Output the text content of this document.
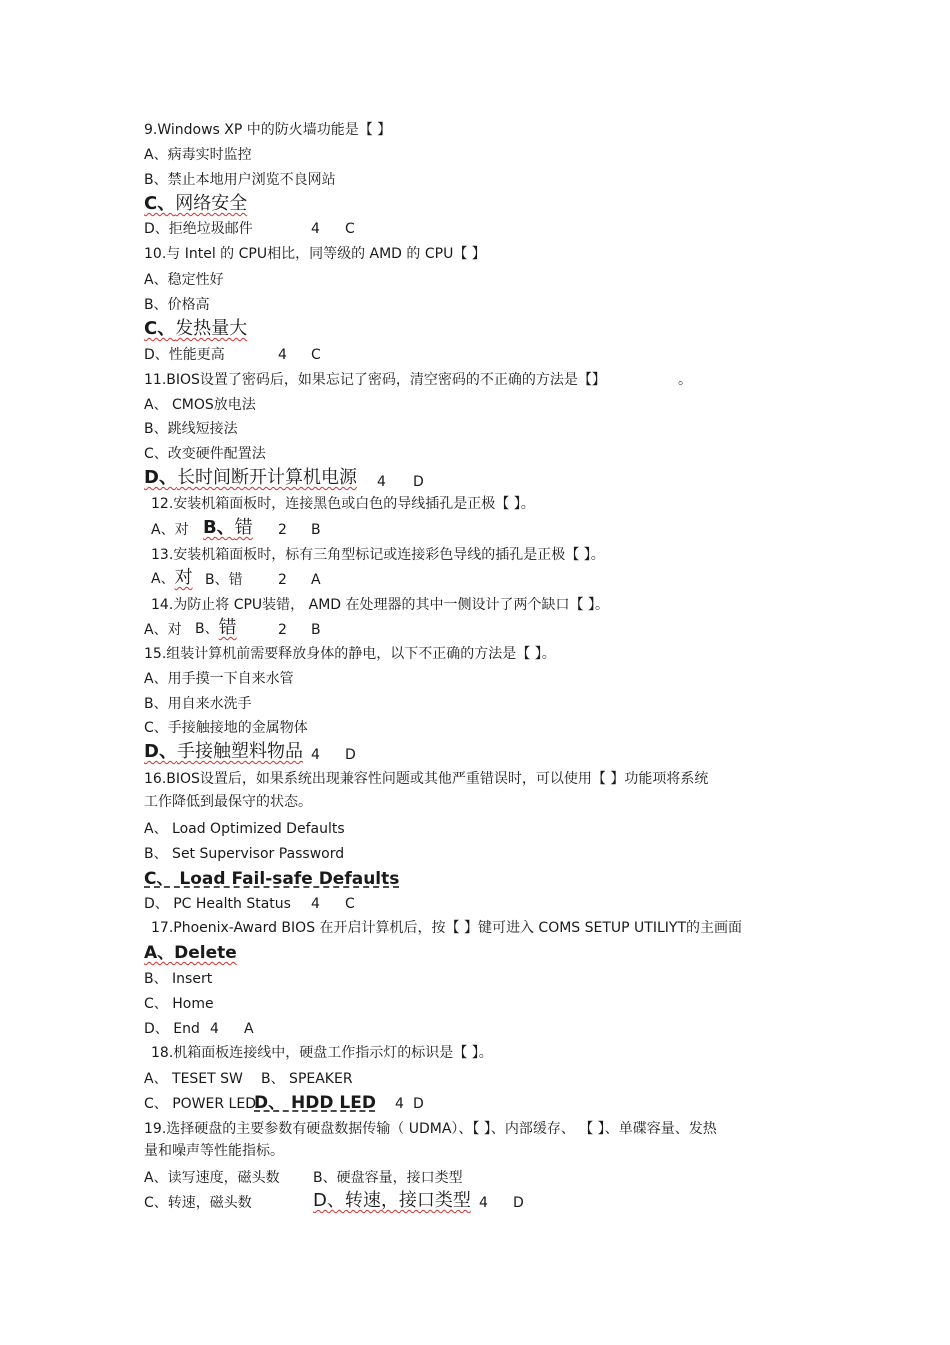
9.Windows XP 中的防火墙功能是【 】
A、病毒实时监控
B、禁止本地用户浏览不良网站
C、网络安全
D、拒绝垃圾邮件	4 C
10.与 Intel 的 CPU相比，同等级的 AMD 的 CPU【 】
A、稳定性好
B、价格高
C、发热量大
D、性能更高	4 C
11.BIOS设置了密码后，如果忘记了密码，清空密码的不正确的方法是【】	。
A、 CMOS放电法
B、跳线短接法
C、改变硬件配置法
D、长时间断开计算机电源 4 D
12.安装机箱面板时，连接黑色或白色的导线插孔是正极【 】。
A、对 B、错 2 B
13.安装机箱面板时，标有三角型标记或连接彩色导线的插孔是正极【 】。
A、对 B、错	2 A
14.为防止将 CPU装错， AMD 在处理器的其中一侧设计了两个缺口【 】。
A、对 B、错	2 B
15.组装计算机前需要释放身体的静电，以下不正确的方法是【 】。
A、用手摸一下自来水管
B、用自来水洗手
C、手接触接地的金属物体
D、手接触塑料物品 4 D
16.BIOS设置后，如果系统出现兼容性问题或其他严重错误时，可以使用【 】功能项将系统
工作降低到最保守的状态。
A、 Load Optimized Defaults
B、 Set Supervisor Password
C、 Load Fail-safe Defaults
D、 PC Health Status 4 C
17.Phoenix-Award BIOS 在开启计算机后，按【 】键可进入 COMS SETUP UTILIYT的主画面
A、Delete
B、 Insert
C、 Home
D、 End 4 A
18.机箱面板连接线中，硬盘工作指示灯的标识是【 】。
A、 TESET SW B、 SPEAKER
C、 POWER LED
D、 HDD LED 4 D
19.选择硬盘的主要参数有硬盘数据传输（ UDMA）、【 】、内部缓存、 【 】、单碟容量、发热
量和噪声等性能指标。
A、读写速度，磁头数 B、硬盘容量，接口类型
C、转速，磁头数	D、转速，接口类型 4 D
